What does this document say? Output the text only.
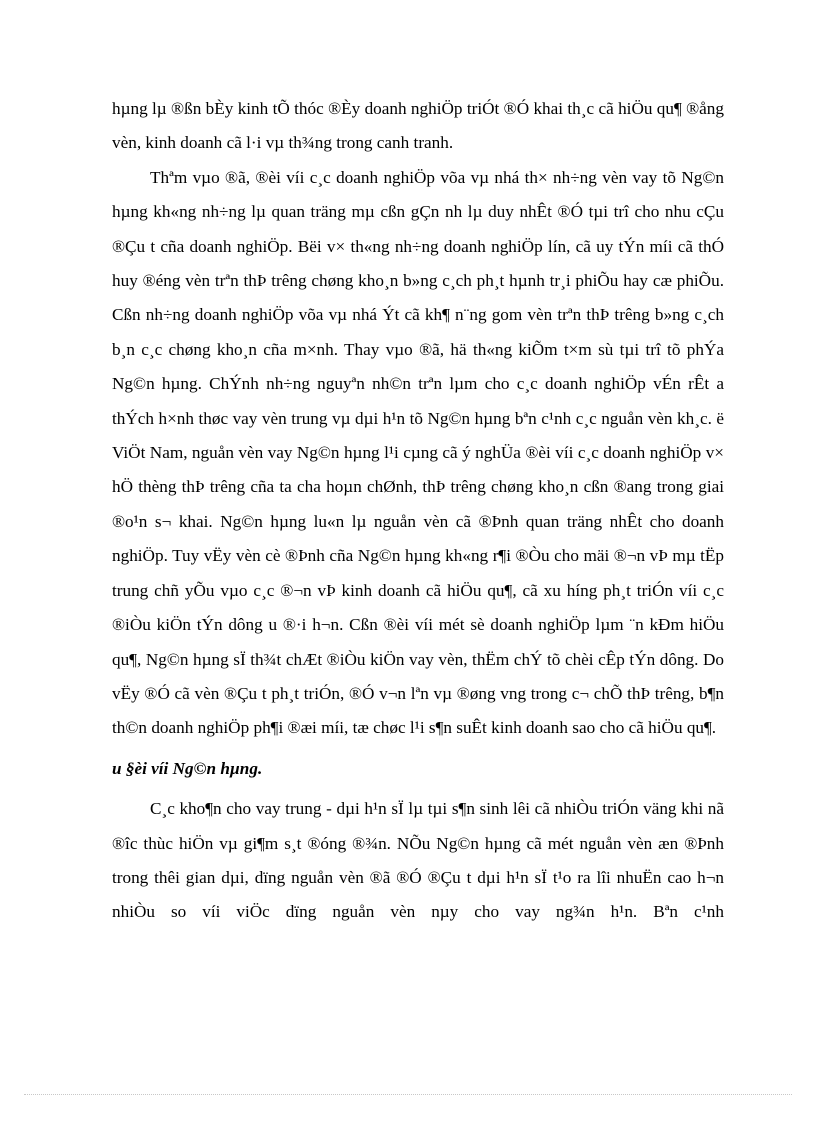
hµng lµ ®ßn bÈy kinh tÕ thóc ®Èy doanh nghiÖp triÓt ®Ó khai th¸c cã hiÖu qu¶ ®ång vèn, kinh doanh cã l·i vµ th¾ng trong canh tranh.

Thªm vµo ®ã, ®èi víi c¸c doanh nghiÖp võa vµ nhá th× nh÷ng vèn vay tõ Ng©n hµng kh«ng nh÷ng lµ quan träng mµ cßn gÇn nh lµ duy nhÊt ®Ó tµi trî cho nhu cÇu ®Çu t cña doanh nghiÖp. Bëi v× th«ng nh÷ng doanh nghiÖp lín, cã uy tÝn míi cã thÓ huy ®éng vèn trªn thÞ trêng chøng kho¸n b»ng c¸ch ph¸t hµnh tr¸i phiÕu hay cæ phiÕu. Cßn nh÷ng doanh nghiÖp võa vµ nhá Ýt cã kh¶ n¨ng gom vèn trªn thÞ trêng b»ng c¸ch b¸n c¸c chøng kho¸n cña m×nh. Thay vµo ®ã, hä th«ng kiÕm t×m sù tµi trî tõ phÝa Ng©n hµng. ChÝnh nh÷ng nguyªn nh©n trªn lµm cho c¸c doanh nghiÖp vÉn rÊt a thÝch h×nh thøc vay vèn trung vµ dµi h¹n tõ Ng©n hµng bªn c¹nh c¸c nguån vèn kh¸c. ë ViÖt Nam, nguån vèn vay Ng©n hµng l¹i cµng cã ý nghÜa ®èi víi c¸c doanh nghiÖp v× hÖ thèng thÞ trêng cña ta cha hoµn chØnh, thÞ trêng chøng kho¸n cßn ®ang trong giai ®o¹n s¬ khai. Ng©n hµng lu«n lµ nguån vèn cã ®Þnh quan träng nhÊt cho doanh nghiÖp. Tuy vËy vèn cè ®Þnh cña Ng©n hµng kh«ng r¶i ®Òu cho mäi ®¬n vÞ mµ tËp trung chñ yÕu vµo c¸c ®¬n vÞ kinh doanh cã hiÖu qu¶, cã xu híng ph¸t triÓn víi c¸c ®iÒu kiÖn tÝn dông u ®·i h¬n. Cßn ®èi víi mét sè doanh nghiÖp lµm ¨n kÐm hiÖu qu¶, Ng©n hµng sÏ th¾t chÆt ®iÒu kiÖn vay vèn, thËm chÝ tõ chèi cÊp tÝn dông. Do vËy ®Ó cã vèn ®Çu t ph¸t triÓn, ®Ó v¬n lªn vµ ®øng vng trong c¬ chÕ thÞ trêng, b¶n th©n doanh nghiÖp ph¶i ®æi míi, tæ chøc l¹i s¶n suÊt kinh doanh sao cho cã hiÖu qu¶.

u §èi víi Ng©n hµng.

C¸c kho¶n cho vay trung - dµi h¹n sÏ lµ tµi s¶n sinh lêi cã nhiÒu triÓn väng khi nã ®îc thùc hiÖn vµ gi¶m s¸t ®óng ®¾n. NÕu Ng©n hµng cã mét nguån vèn æn ®Þnh trong thêi gian dµi, dïng nguån vèn ®ã ®Ó ®Çu t dµi h¹n sÏ t¹o ra lîi nhuËn cao h¬n nhiÒu so víi viÖc dïng nguån vèn nµy cho vay ng¾n h¹n. Bªn c¹nh
